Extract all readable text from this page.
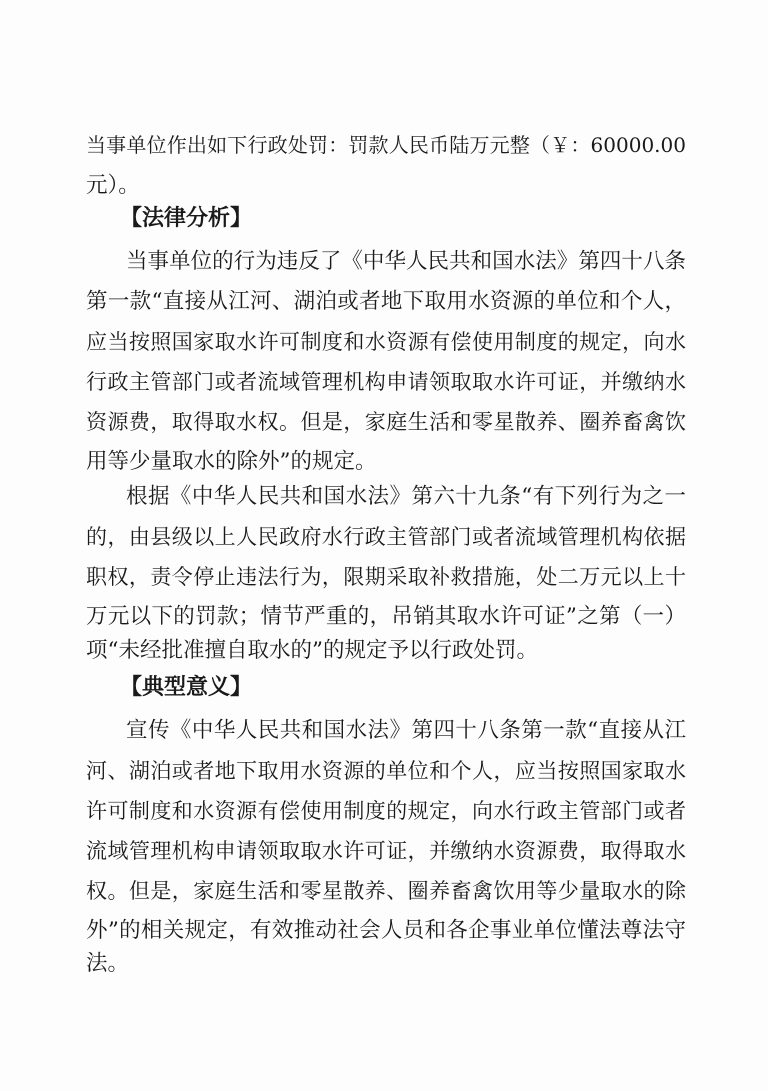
当事单位作出如下行政处罚：罚款人民币陆万元整（￥：60000.00
元）。
【法律分析】
当事单位的行为违反了《中华人民共和国水法》第四十八条
第一款“直接从江河、湖泊或者地下取用水资源的单位和个人，
应当按照国家取水许可制度和水资源有偿使用制度的规定，向水
行政主管部门或者流域管理机构申请领取取水许可证，并缴纳水
资源费，取得取水权。但是，家庭生活和零星散养、圈养畜禽饮
用等少量取水的除外”的规定。
根据《中华人民共和国水法》第六十九条“有下列行为之一
的，由县级以上人民政府水行政主管部门或者流域管理机构依据
职权，责令停止违法行为，限期采取补救措施，处二万元以上十
万元以下的罚款；情节严重的，吊销其取水许可证”之第（一）
项“未经批准擅自取水的”的规定予以行政处罚。
【典型意义】
宣传《中华人民共和国水法》第四十八条第一款“直接从江
河、湖泊或者地下取用水资源的单位和个人，应当按照国家取水
许可制度和水资源有偿使用制度的规定，向水行政主管部门或者
流域管理机构申请领取取水许可证，并缴纳水资源费，取得取水
权。但是，家庭生活和零星散养、圈养畜禽饮用等少量取水的除
外”的相关规定，有效推动社会人员和各企事业单位懂法尊法守
法。
